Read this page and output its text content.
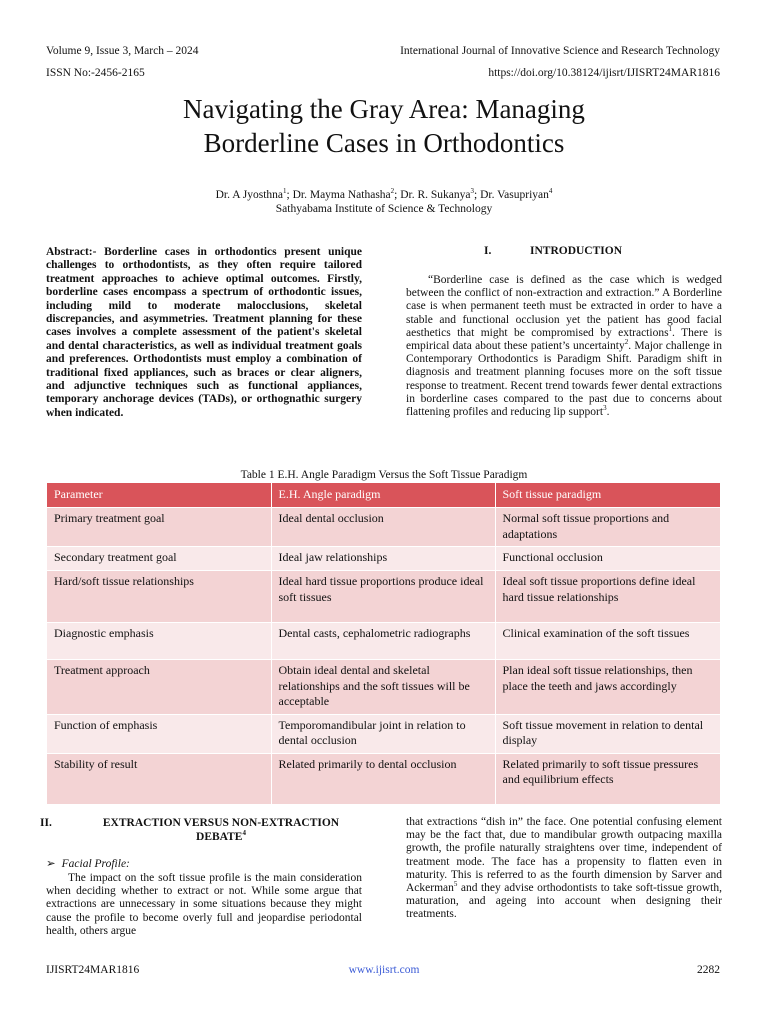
Volume 9, Issue 3, March – 2024	International Journal of Innovative Science and Research Technology
ISSN No:-2456-2165	https://doi.org/10.38124/ijisrt/IJISRT24MAR1816
Navigating the Gray Area: Managing
Borderline Cases in Orthodontics
Dr. A Jyosthna$^1$; Dr. Mayma Nathasha$^2$; Dr. R. Sukanya$^3$; Dr. Vasupriyan$^4$
Sathyabama Institute of Science & Technology
Abstract:- Borderline cases in orthodontics present unique challenges to orthodontists, as they often require tailored treatment approaches to achieve optimal outcomes. Firstly, borderline cases encompass a spectrum of orthodontic issues, including mild to moderate malocclusions, skeletal discrepancies, and asymmetries. Treatment planning for these cases involves a complete assessment of the patient's skeletal and dental characteristics, as well as individual treatment goals and preferences. Orthodontists must employ a combination of traditional fixed appliances, such as braces or clear aligners, and adjunctive techniques such as functional appliances, temporary anchorage devices (TADs), or orthognathic surgery when indicated.
I.	INTRODUCTION

“Borderline case is defined as the case which is wedged between the conflict of non-extraction and extraction.” A Borderline case is when permanent teeth must be extracted in order to have a stable and functional occlusion yet the patient has good facial aesthetics that might be compromised by extractions$^1$. There is empirical data about these patient’s uncertainty$^2$. Major challenge in Contemporary Orthodontics is Paradigm Shift. Paradigm shift in diagnosis and treatment planning focuses more on the soft tissue response to treatment. Recent trend towards fewer dental extractions in borderline cases compared to the past due to concerns about flattening profiles and reducing lip support$^3$.

Table 1 E.H. Angle Paradigm Versus the Soft Tissue Paradigm
Parameter	E.H. Angle paradigm	Soft tissue paradigm
Primary treatment goal	Ideal dental occlusion	Normal soft tissue proportions and adaptations
Secondary treatment goal	Ideal jaw relationships	Functional occlusion
Hard/soft tissue relationships	Ideal hard tissue proportions produce ideal soft tissues	Ideal soft tissue proportions define ideal hard tissue relationships
Diagnostic emphasis	Dental casts, cephalometric radiographs	Clinical examination of the soft tissues
Treatment approach	Obtain ideal dental and skeletal relationships and the soft tissues will be acceptable	Plan ideal soft tissue relationships, then place the teeth and jaws accordingly
Function of emphasis	Temporomandibular joint in relation to dental occlusion	Soft tissue movement in relation to dental display
Stability of result	Related primarily to dental occlusion	Related primarily to soft tissue pressures and equilibrium effects
II.	EXTRACTION VERSUS NON-EXTRACTION
DEBATE$^4$
➢ Facial Profile:

The impact on the soft tissue profile is the main consideration when deciding whether to extract or not. While some argue that extractions are unnecessary in some situations because they might cause the profile to become overly full and jeopardise periodontal health, others argue

that extractions “dish in” the face. One potential confusing element may be the fact that, due to mandibular growth outpacing maxilla growth, the profile naturally straightens over time, independent of treatment mode. The face has a propensity to flatten even in maturity. This is referred to as the fourth dimension by Sarver and Ackerman$^5$ and they advise orthodontists to take soft-tissue growth, maturation, and ageing into account when designing their treatments.

IJISRT24MAR1816	www.ijisrt.com	2282
